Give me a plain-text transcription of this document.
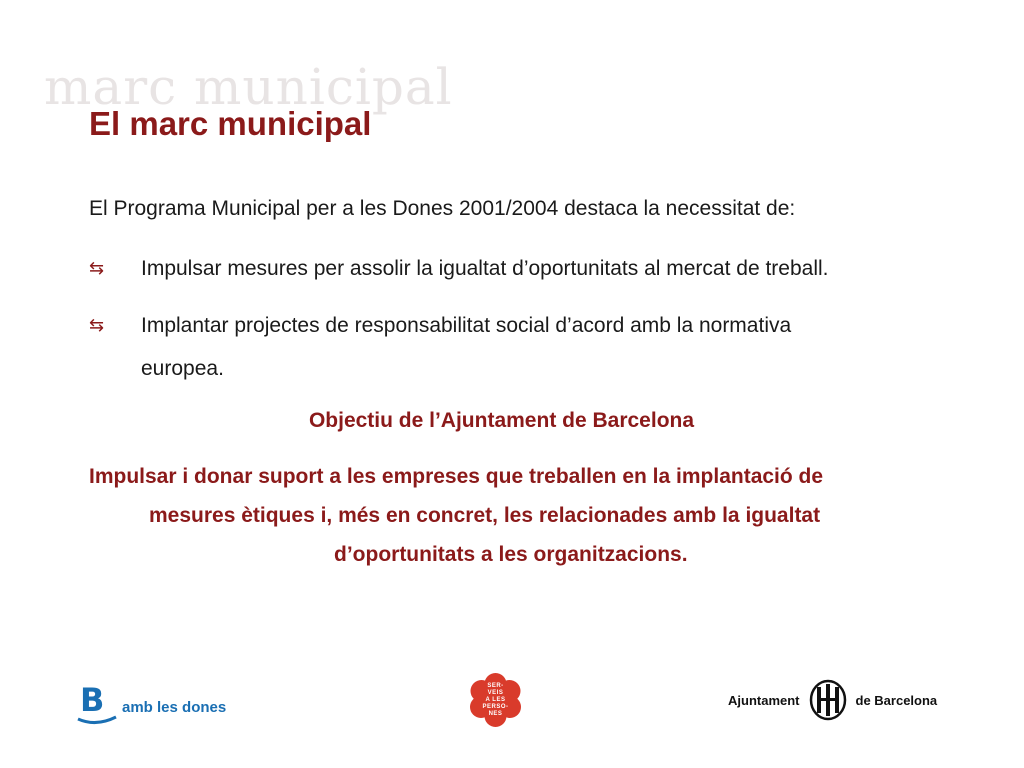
marc municipal
El marc municipal
El Programa Municipal per a les Dones 2001/2004 destaca la necessitat de:
⇆	Impulsar mesures per assolir la igualtat d’oportunitats al mercat de treball.
⇆	Implantar projectes de responsabilitat social d’acord amb la normativa
europea.
Objectiu de l’Ajuntament de Barcelona
Impulsar i donar suport a les empreses que treballen en la implantació de
mesures ètiques i, més en concret, les relacionades amb la igualtat
d’oportunitats a les organitzacions.
B amb les dones
SER-
VEIS
A LES
PERSO-
NES
Ajuntament	de Barcelona
